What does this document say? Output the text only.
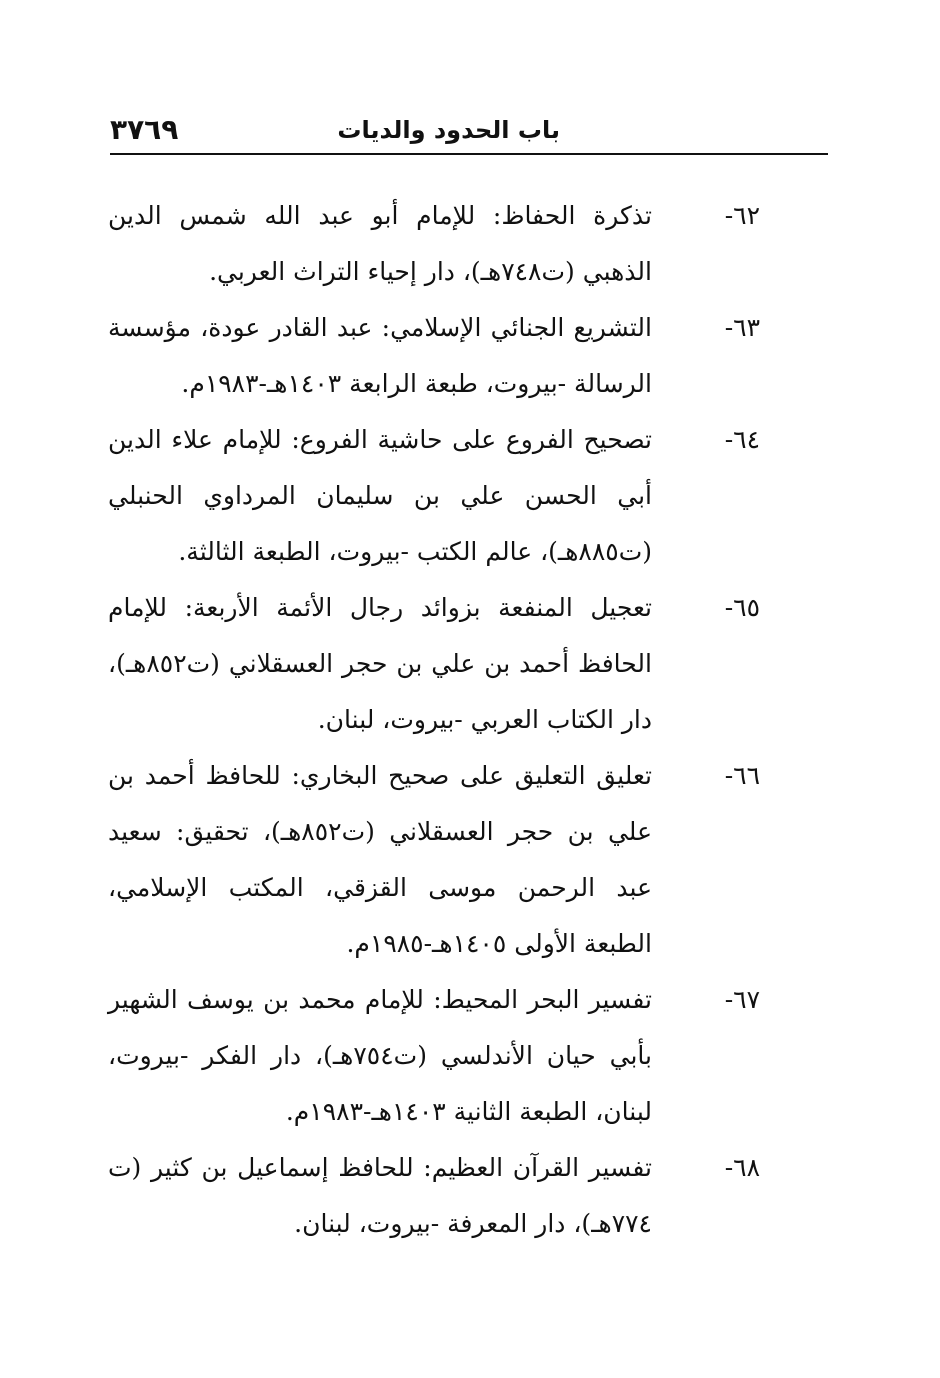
باب الحدود والديات
٣٧٦٩
٦٢-
تذكرة الحفاظ: للإمام أبو عبد الله شمس الدين الذهبي (ت٧٤٨هـ)، دار إحياء التراث العربي.
٦٣-
التشريع الجنائي الإسلامي: عبد القادر عودة، مؤسسة الرسالة -بيروت، طبعة الرابعة ١٤٠٣هـ-١٩٨٣م.
٦٤-
تصحيح الفروع على حاشية الفروع: للإمام علاء الدين أبي الحسن علي بن سليمان المرداوي الحنبلي (ت٨٨٥هـ)، عالم الكتب -بيروت، الطبعة الثالثة.
٦٥-
تعجيل المنفعة بزوائد رجال الأئمة الأربعة: للإمام الحافظ أحمد بن علي بن حجر العسقلاني (ت٨٥٢هـ)، دار الكتاب العربي -بيروت، لبنان.
٦٦-
تعليق التعليق على صحيح البخاري: للحافظ أحمد بن علي بن حجر العسقلاني (ت٨٥٢هـ)، تحقيق: سعيد عبد الرحمن موسى القزقي، المكتب الإسلامي، الطبعة الأولى ١٤٠٥هـ-١٩٨٥م.
٦٧-
تفسير البحر المحيط: للإمام محمد بن يوسف الشهير بأبي حيان الأندلسي (ت٧٥٤هـ)، دار الفكر -بيروت، لبنان، الطبعة الثانية ١٤٠٣هـ-١٩٨٣م.
٦٨-
تفسير القرآن العظيم: للحافظ إسماعيل بن كثير (ت ٧٧٤هـ)، دار المعرفة -بيروت، لبنان.
